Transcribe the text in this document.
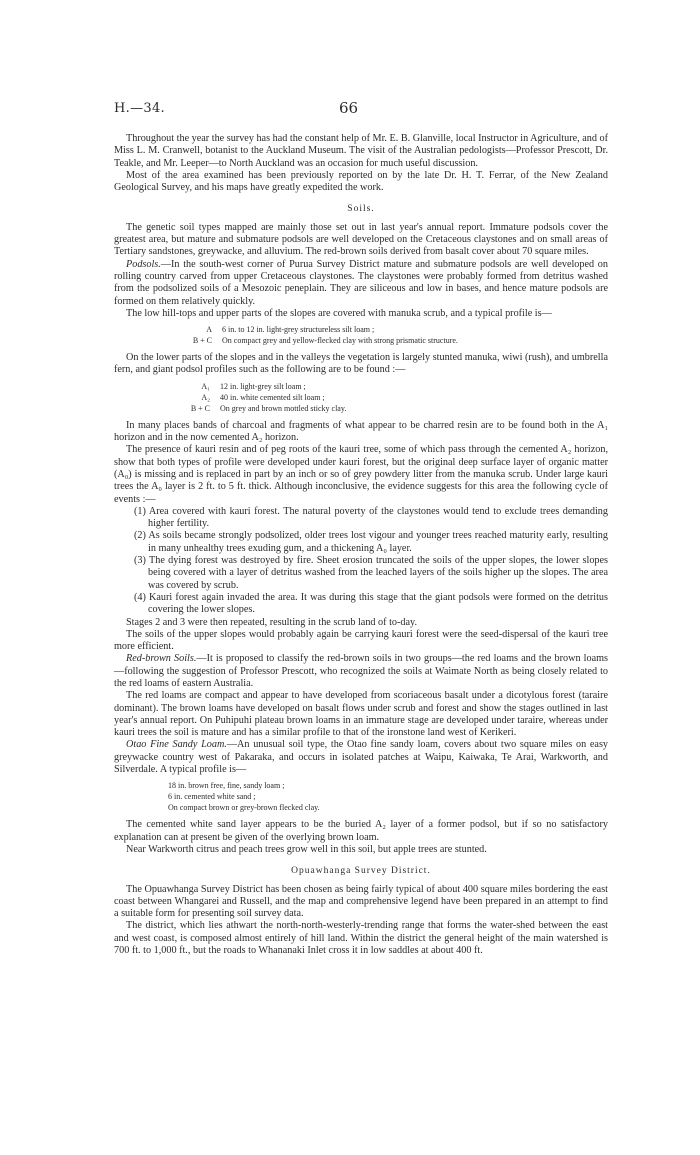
H.—34.	66

Throughout the year the survey has had the constant help of Mr. E. B. Glanville, local Instructor in Agriculture, and of Miss L. M. Cranwell, botanist to the Auckland Museum. The visit of the Australian pedologists—Professor Prescott, Dr. Teakle, and Mr. Leeper—to North Auckland was an occasion for much useful discussion.

Most of the area examined has been previously reported on by the late Dr. H. T. Ferrar, of the New Zealand Geological Survey, and his maps have greatly expedited the work.

Soils.

The genetic soil types mapped are mainly those set out in last year's annual report. Immature podsols cover the greatest area, but mature and submature podsols are well developed on the Cretaceous claystones and on small areas of Tertiary sandstones, greywacke, and alluvium. The red-brown soils derived from basalt cover about 70 square miles.

Podsols.—In the south-west corner of Purua Survey District mature and submature podsols are well developed on rolling country carved from upper Cretaceous claystones. The claystones were probably formed from detritus washed from the podsolized soils of a Mesozoic peneplain. They are siliceous and low in bases, and hence mature podsols are formed on them relatively quickly.

The low hill-tops and upper parts of the slopes are covered with manuka scrub, and a typical profile is—

A	6 in. to 12 in. light-grey structureless silt loam ;
B + C	On compact grey and yellow-flecked clay with strong prismatic structure.

On the lower parts of the slopes and in the valleys the vegetation is largely stunted manuka, wiwi (rush), and umbrella fern, and giant podsol profiles such as the following are to be found :—

A₁	12 in. light-grey silt loam ;
A₂	40 in. white cemented silt loam ;
B + C	On grey and brown mottled sticky clay.

In many places bands of charcoal and fragments of what appear to be charred resin are to be found both in the A₁ horizon and in the now cemented A₂ horizon.

The presence of kauri resin and of peg roots of the kauri tree, some of which pass through the cemented A₂ horizon, show that both types of profile were developed under kauri forest, but the original deep surface layer of organic matter (A₀) is missing and is replaced in part by an inch or so of grey powdery litter from the manuka scrub. Under large kauri trees the A₀ layer is 2 ft. to 5 ft. thick. Although inconclusive, the evidence suggests for this area the following cycle of events :—

(1) Area covered with kauri forest. The natural poverty of the claystones would tend to exclude trees demanding higher fertility.
(2) As soils became strongly podsolized, older trees lost vigour and younger trees reached maturity early, resulting in many unhealthy trees exuding gum, and a thickening A₀ layer.
(3) The dying forest was destroyed by fire. Sheet erosion truncated the soils of the upper slopes, the lower slopes being covered with a layer of detritus washed from the leached layers of the soils higher up the slopes. The area was covered by scrub.
(4) Kauri forest again invaded the area. It was during this stage that the giant podsols were formed on the detritus covering the lower slopes.

Stages 2 and 3 were then repeated, resulting in the scrub land of to-day.

The soils of the upper slopes would probably again be carrying kauri forest were the seed-dispersal of the kauri tree more efficient.

Red-brown Soils.—It is proposed to classify the red-brown soils in two groups—the red loams and the brown loams—following the suggestion of Professor Prescott, who recognized the soils at Waimate North as being closely related to the red loams of eastern Australia.

The red loams are compact and appear to have developed from scoriaceous basalt under a dicotylous forest (taraire dominant). The brown loams have developed on basalt flows under scrub and forest and show the stages outlined in last year's annual report. On Puhipuhi plateau brown loams in an immature stage are developed under taraire, whereas under kauri trees the soil is mature and has a similar profile to that of the ironstone land west of Kerikeri.

Otao Fine Sandy Loam.—An unusual soil type, the Otao fine sandy loam, covers about two square miles on easy greywacke country west of Pakaraka, and occurs in isolated patches at Waipu, Kaiwaka, Te Arai, Warkworth, and Silverdale. A typical profile is—

18 in. brown free, fine, sandy loam ;
6 in. cemented white sand ;
On compact brown or grey-brown flecked clay.

The cemented white sand layer appears to be the buried A₂ layer of a former podsol, but if so no satisfactory explanation can at present be given of the overlying brown loam.

Near Warkworth citrus and peach trees grow well in this soil, but apple trees are stunted.

Opuawhanga Survey District.

The Opuawhanga Survey District has been chosen as being fairly typical of about 400 square miles bordering the east coast between Whangarei and Russell, and the map and comprehensive legend have been prepared in an attempt to find a suitable form for presenting soil survey data.

The district, which lies athwart the north-north-westerly-trending range that forms the water-shed between the east and west coast, is composed almost entirely of hill land. Within the district the general height of the main watershed is 700 ft. to 1,000 ft., but the roads to Whananaki Inlet cross it in low saddles at about 400 ft.
